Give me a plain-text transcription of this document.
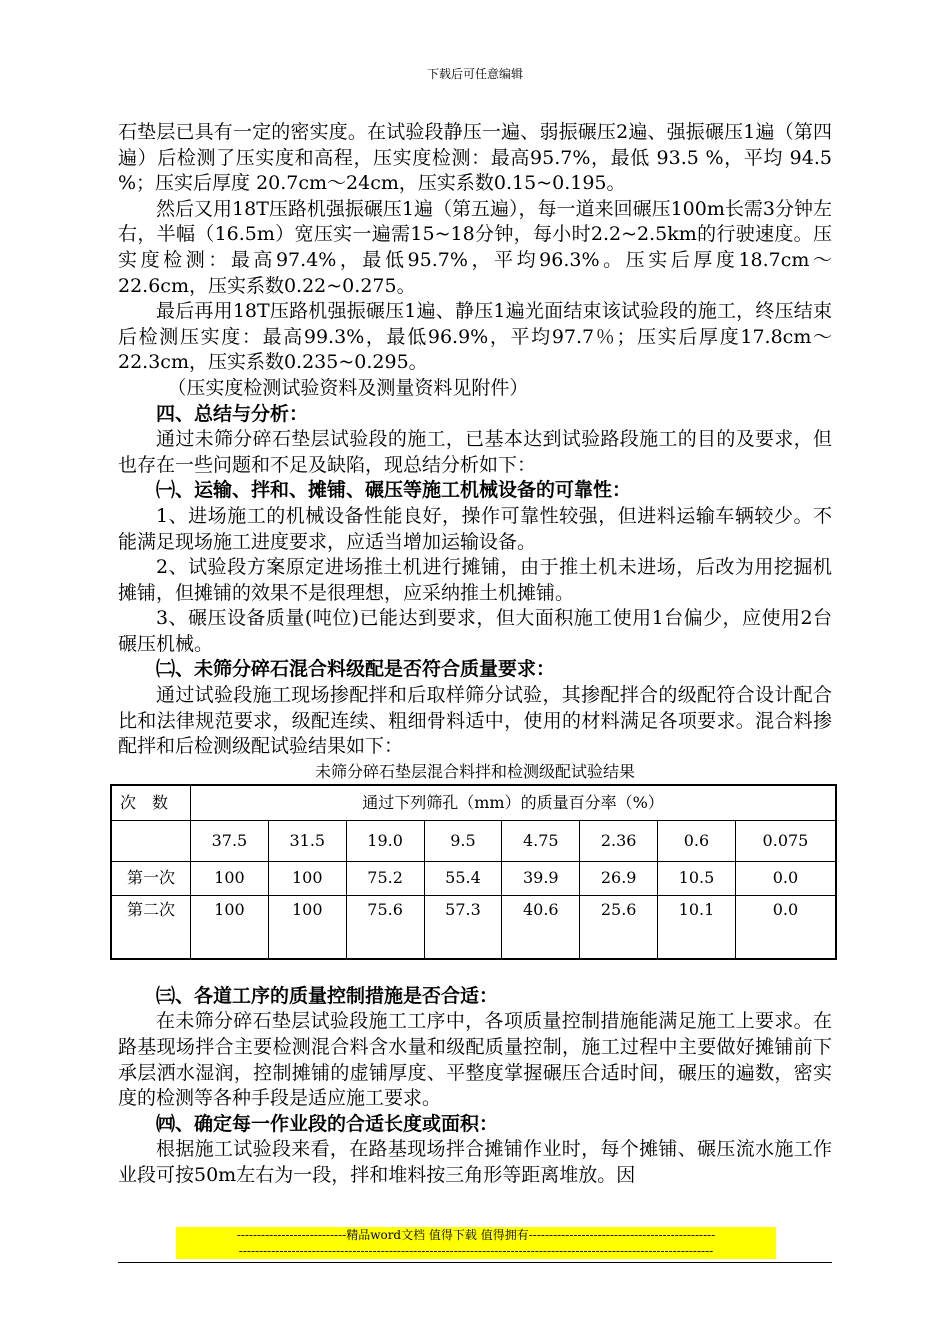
下载后可任意编辑

石垫层已具有一定的密实度。在试验段静压一遍、弱振碾压2遍、强振碾压1遍（第四遍）后检测了压实度和高程，压实度检测：最高95.7%，最低 93.5 %，平均 94.5 %；压实后厚度 20.7cm～24cm，压实系数0.15~0.195。

然后又用18T压路机强振碾压1遍（第五遍），每一道来回碾压100m长需3分钟左右，半幅（16.5m）宽压实一遍需15~18分钟，每小时2.2~2.5km的行驶速度。压实度检测：最高97.4%，最低95.7%，平均96.3%。压实后厚度18.7cm～22.6cm，压实系数0.22~0.275。

最后再用18T压路机强振碾压1遍、静压1遍光面结束该试验段的施工，终压结束后检测压实度：最高99.3%，最低96.9%，平均97.7％；压实后厚度17.8cm～22.3cm，压实系数0.235~0.295。

（压实度检测试验资料及测量资料见附件）

四、总结与分析：

通过未筛分碎石垫层试验段的施工，已基本达到试验路段施工的目的及要求，但也存在一些问题和不足及缺陷，现总结分析如下：

㈠、运输、拌和、摊铺、碾压等施工机械设备的可靠性：

1、进场施工的机械设备性能良好，操作可靠性较强，但进料运输车辆较少。不能满足现场施工进度要求，应适当增加运输设备。

2、试验段方案原定进场推土机进行摊铺，由于推土机未进场，后改为用挖掘机摊铺，但摊铺的效果不是很理想，应采纳推土机摊铺。

3、碾压设备质量(吨位)已能达到要求，但大面积施工使用1台偏少，应使用2台碾压机械。

㈡、未筛分碎石混合料级配是否符合质量要求：

通过试验段施工现场掺配拌和后取样筛分试验，其掺配拌合的级配符合设计配合比和法律规范要求，级配连续、粗细骨料适中，使用的材料满足各项要求。混合料掺配拌和后检测级配试验结果如下：

未筛分碎石垫层混合料拌和检测级配试验结果

次　数	通过下列筛孔（mm）的质量百分率（%）							
	37.5	31.5	19.0	9.5	4.75	2.36	0.6	0.075
第一次	100	100	75.2	55.4	39.9	26.9	10.5	0.0
第二次	100	100	75.6	57.3	40.6	25.6	10.1	0.0

㈢、各道工序的质量控制措施是否合适：

在未筛分碎石垫层试验段施工工序中，各项质量控制措施能满足施工上要求。在路基现场拌合主要检测混合料含水量和级配质量控制，施工过程中主要做好摊铺前下承层洒水湿润，控制摊铺的虚铺厚度、平整度掌握碾压合适时间，碾压的遍数，密实度的检测等各种手段是适应施工要求。

㈣、确定每一作业段的合适长度或面积：

根据施工试验段来看，在路基现场拌合摊铺作业时，每个摊铺、碾压流水施工作业段可按50m左右为一段，拌和堆料按三角形等距离堆放。因

---------------------------精品word文档 值得下载 值得拥有----------------------------------------------
---------------------------------------------------------------------------------------------------------------------
